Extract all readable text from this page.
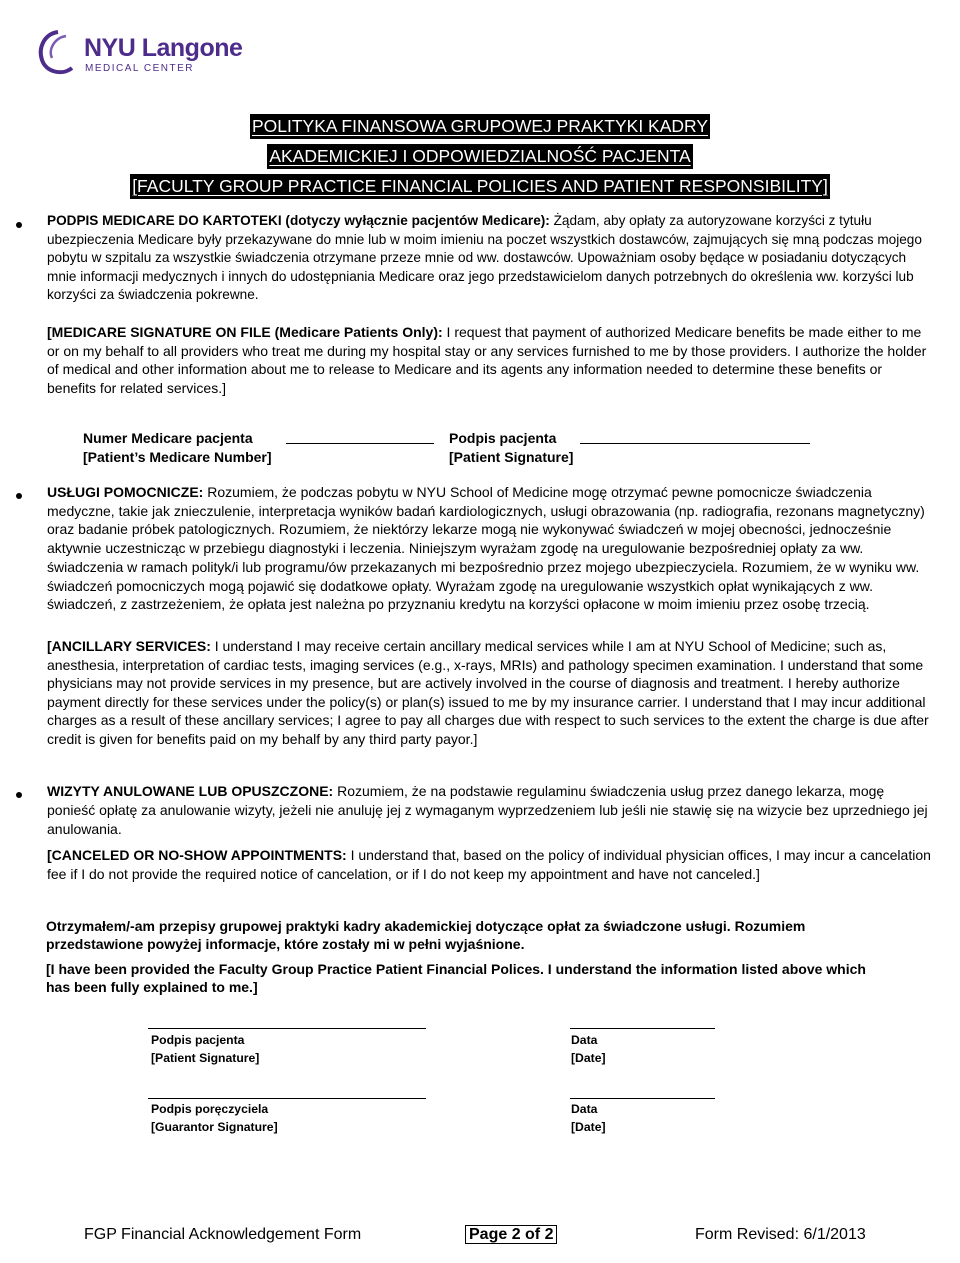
NYU Langone
MEDICAL CENTER
POLITYKA FINANSOWA GRUPOWEJ PRAKTYKI KADRY
AKADEMICKIEJ I ODPOWIEDZIALNOŚĆ PACJENTA
[FACULTY GROUP PRACTICE FINANCIAL POLICIES AND PATIENT RESPONSIBILITY]

PODPIS MEDICARE DO KARTOTEKI (dotyczy wyłącznie pacjentów Medicare): Żądam, aby opłaty za autoryzowane korzyści z tytułu ubezpieczenia Medicare były przekazywane do mnie lub w moim imieniu na poczet wszystkich dostawców, zajmujących się mną podczas mojego pobytu w szpitalu za wszystkie świadczenia otrzymane przeze mnie od ww. dostawców. Upoważniam osoby będące w posiadaniu dotyczących mnie informacji medycznych i innych do udostępniania Medicare oraz jego przedstawicielom danych potrzebnych do określenia ww. korzyści lub korzyści za świadczenia pokrewne.

[MEDICARE SIGNATURE ON FILE (Medicare Patients Only): I request that payment of authorized Medicare benefits be made either to me or on my behalf to all providers who treat me during my hospital stay or any services furnished to me by those providers. I authorize the holder of medical and other information about me to release to Medicare and its agents any information needed to determine these benefits or benefits for related services.]

Numer Medicare pacjenta
[Patient’s Medicare Number]
Podpis pacjenta
[Patient Signature]

USŁUGI POMOCNICZE: Rozumiem, że podczas pobytu w NYU School of Medicine mogę otrzymać pewne pomocnicze świadczenia medyczne, takie jak znieczulenie, interpretacja wyników badań kardiologicznych, usługi obrazowania (np. radiografia, rezonans magnetyczny) oraz badanie próbek patologicznych. Rozumiem, że niektórzy lekarze mogą nie wykonywać świadczeń w mojej obecności, jednocześnie aktywnie uczestnicząc w przebiegu diagnostyki i leczenia. Niniejszym wyrażam zgodę na uregulowanie bezpośredniej opłaty za ww. świadczenia w ramach polityk/i lub programu/ów przekazanych mi bezpośrednio przez mojego ubezpieczyciela. Rozumiem, że w wyniku ww. świadczeń pomocniczych mogą pojawić się dodatkowe opłaty. Wyrażam zgodę na uregulowanie wszystkich opłat wynikających z ww. świadczeń, z zastrzeżeniem, że opłata jest należna po przyznaniu kredytu na korzyści opłacone w moim imieniu przez osobę trzecią.

[ANCILLARY SERVICES: I understand I may receive certain ancillary medical services while I am at NYU School of Medicine; such as, anesthesia, interpretation of cardiac tests, imaging services (e.g., x-rays, MRIs) and pathology specimen examination. I understand that some physicians may not provide services in my presence, but are actively involved in the course of diagnosis and treatment. I hereby authorize payment directly for these services under the policy(s) or plan(s) issued to me by my insurance carrier. I understand that I may incur additional charges as a result of these ancillary services; I agree to pay all charges due with respect to such services to the extent the charge is due after credit is given for benefits paid on my behalf by any third party payor.]

WIZYTY ANULOWANE LUB OPUSZCZONE: Rozumiem, że na podstawie regulaminu świadczenia usług przez danego lekarza, mogę ponieść opłatę za anulowanie wizyty, jeżeli nie anuluję jej z wymaganym wyprzedzeniem lub jeśli nie stawię się na wizycie bez uprzedniego jej anulowania.

[CANCELED OR NO-SHOW APPOINTMENTS: I understand that, based on the policy of individual physician offices, I may incur a cancelation fee if I do not provide the required notice of cancelation, or if I do not keep my appointment and have not canceled.]

Otrzymałem/-am przepisy grupowej praktyki kadry akademickiej dotyczące opłat za świadczone usługi. Rozumiem przedstawione powyżej informacje, które zostały mi w pełni wyjaśnione.
[I have been provided the Faculty Group Practice Patient Financial Polices. I understand the information listed above which has been fully explained to me.]
Podpis pacjenta
[Patient Signature]
Data
[Date]
Podpis poręczyciela
[Guarantor Signature]
Data
[Date]
FGP Financial Acknowledgement Form	Page 2 of 2	Form Revised: 6/1/2013
